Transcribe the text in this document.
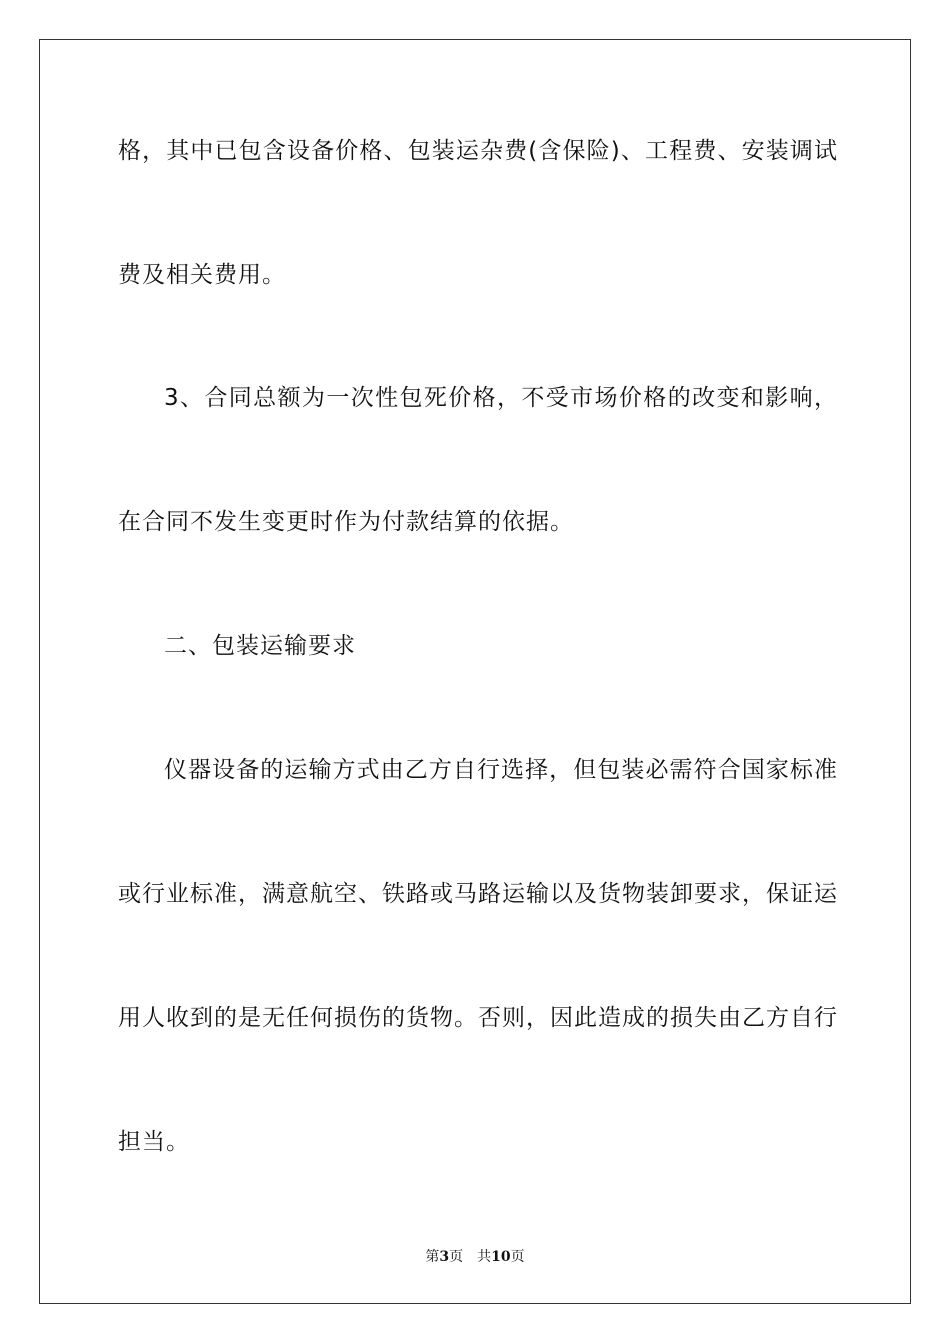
格，其中已包含设备价格、包装运杂费(含保险)、工程费、安装调试
费及相关费用。
3、合同总额为一次性包死价格，不受市场价格的改变和影响，
在合同不发生变更时作为付款结算的依据。
二、包装运输要求
仪器设备的运输方式由乙方自行选择，但包装必需符合国家标准
或行业标准，满意航空、铁路或马路运输以及货物装卸要求，保证运
用人收到的是无任何损伤的货物。否则，因此造成的损失由乙方自行
担当。
第3页 共10页
